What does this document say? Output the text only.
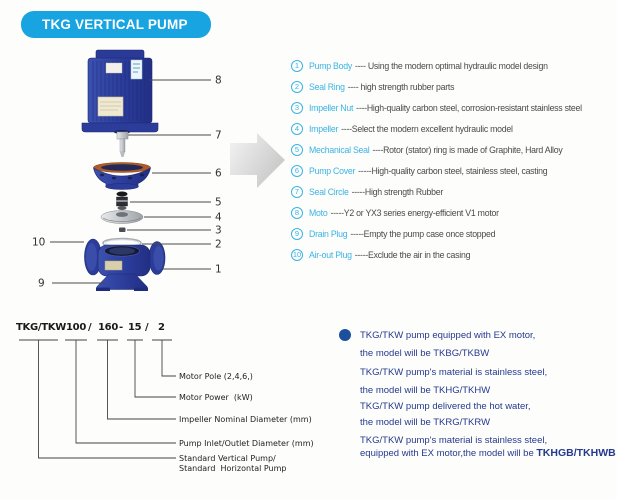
TKG VERTICAL PUMP
8
7
6
5
4
3
2
1
10
9
1	Pump Body ---- Using the modern optimal hydraulic model design
2	Seal Ring ---- high strength rubber parts
3	Impeller Nut ----High-quality carbon steel, corrosion-resistant stainless steel
4	Impeller ----Select the modern excellent hydraulic model
5	Mechanical Seal ----Rotor (stator) ring is made of Graphite, Hard Alloy
6	Pump Cover -----High-quality carbon steel, stainless steel, casting
7	Seal Circle -----High strength Rubber
8	Moto -----Y2 or YX3 series energy-efficient V1 motor
9	Drain Plug -----Empty the pump case once stopped
10 Air-out Plug -----Exclude the air in the casing
TKG/TKW 100 / 160 - 15 / 2
Motor Pole (2,4,6,)
Motor Power  (kW)
Impeller Nominal Diameter (mm)
Pump Inlet/Outlet Diameter (mm)
Standard Vertical Pump/
Standard  Horizontal Pump

TKG/TKW pump equipped with EX motor,

the model will be TKBG/TKBW

TKG/TKW pump's material is stainless steel,

the model will be TKHG/TKHW

TKG/TKW pump delivered the hot water,

the model will be TKRG/TKRW

TKG/TKW pump's material is stainless steel,

equipped with EX motor,the model will be TKHGB/TKHWB
